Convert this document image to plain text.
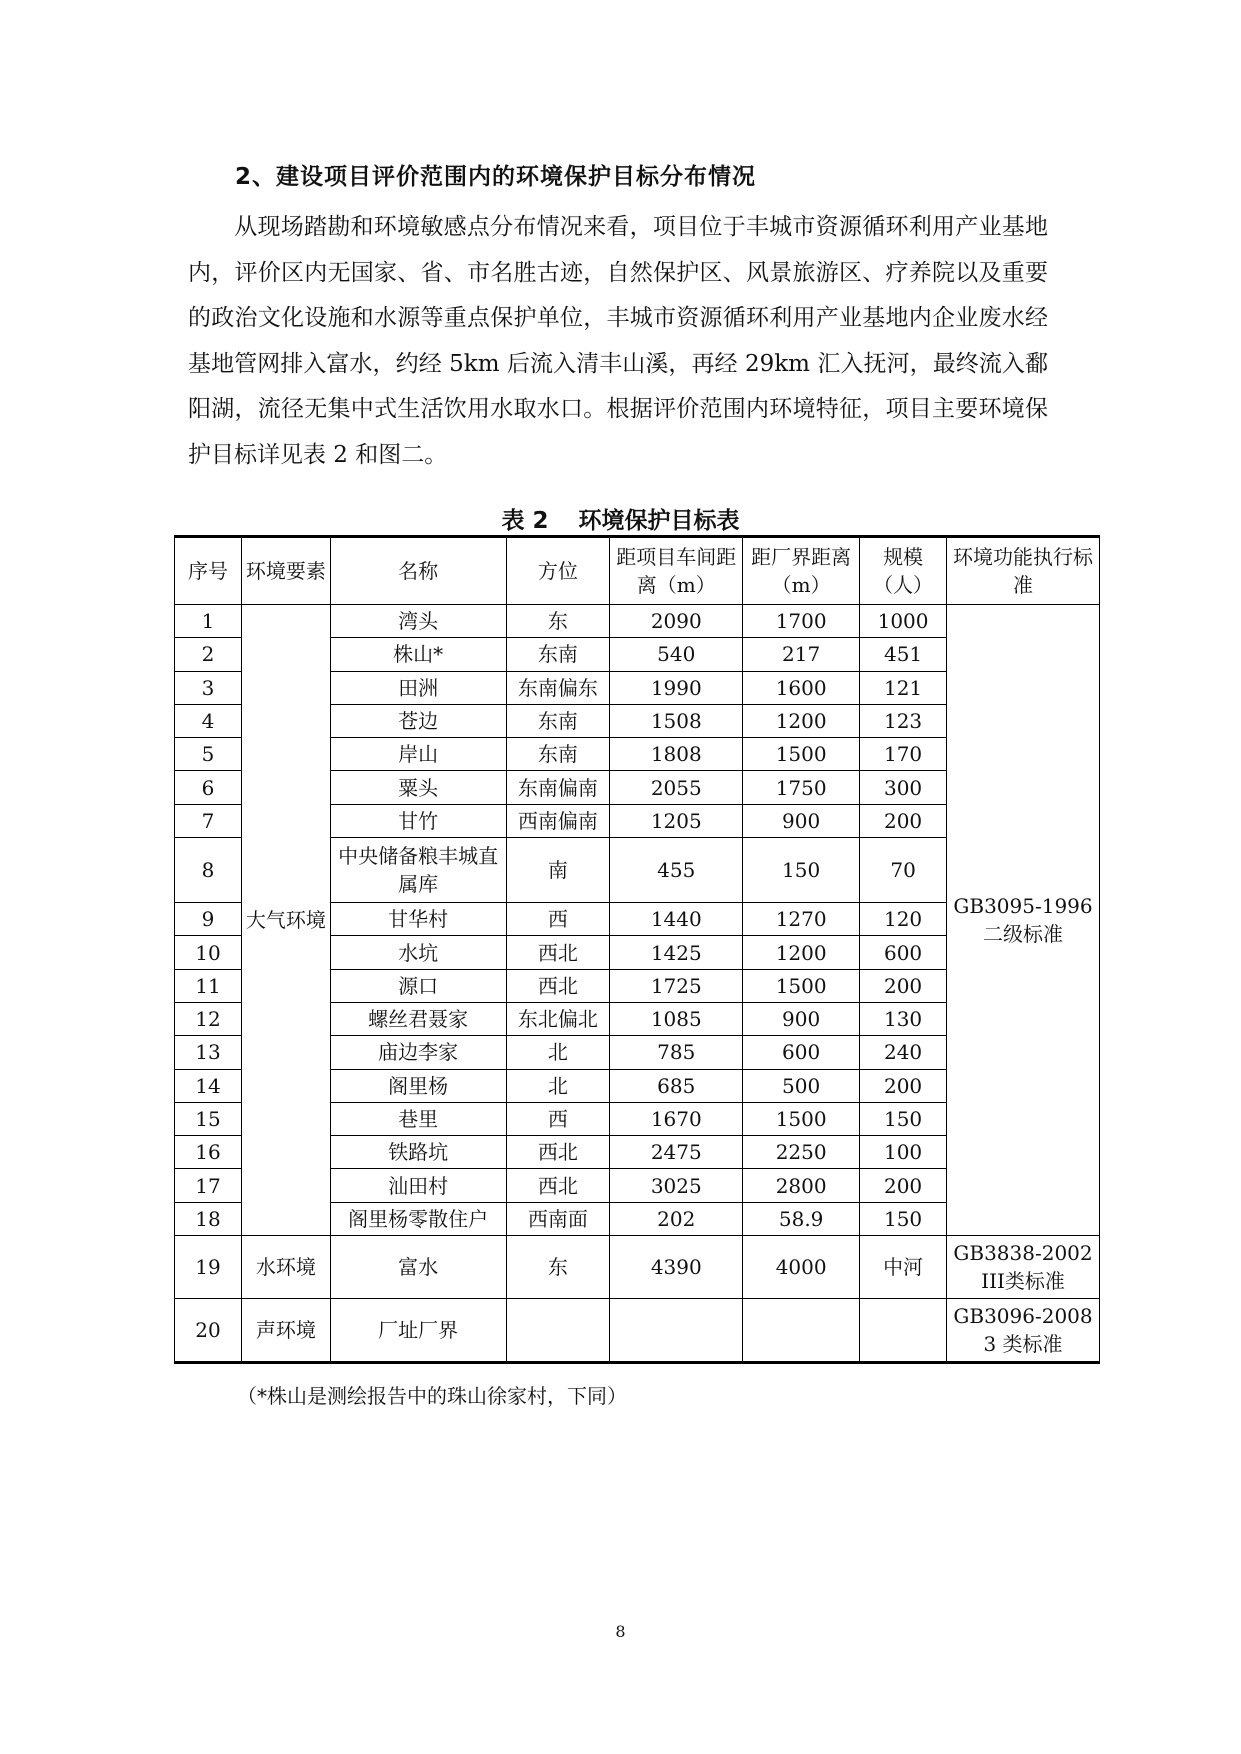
2、建设项目评价范围内的环境保护目标分布情况
从现场踏勘和环境敏感点分布情况来看，项目位于丰城市资源循环利用产业基地内，评价区内无国家、省、市名胜古迹，自然保护区、风景旅游区、疗养院以及重要的政治文化设施和水源等重点保护单位，丰城市资源循环利用产业基地内企业废水经基地管网排入富水，约经 5km 后流入清丰山溪，再经 29km 汇入抚河，最终流入鄱阳湖，流径无集中式生活饮用水取水口。根据评价范围内环境特征，项目主要环境保护目标详见表 2 和图二。
表 2 环境保护目标表
序号	环境要素	名称	方位	距项目车间距离（m）	距厂界距离（m）	规模（人）	环境功能执行标准
1	大气环境	湾头	东	2090	1700	1000	GB3095-1996 二级标准
2		株山*	东南	540	217	451	
3		田洲	东南偏东	1990	1600	121	
4		苍边	东南	1508	1200	123	
5		岸山	东南	1808	1500	170	
6		粟头	东南偏南	2055	1750	300	
7		甘竹	西南偏南	1205	900	200	
8		中央储备粮丰城直属库	南	455	150	70	
9		甘华村	西	1440	1270	120	
10		水坑	西北	1425	1200	600	
11		源口	西北	1725	1500	200	
12		螺丝君聂家	东北偏北	1085	900	130	
13		庙边李家	北	785	600	240	
14		阁里杨	北	685	500	200	
15		巷里	西	1670	1500	150	
16		铁路坑	西北	2475	2250	100	
17		汕田村	西北	3025	2800	200	
18		阁里杨零散住户	西南面	202	58.9	150	
19	水环境	富水	东	4390	4000	中河	GB3838-2002 III类标准
20	声环境	厂址厂界					GB3096-2008 3 类标准
（*株山是测绘报告中的珠山徐家村，下同）
8
